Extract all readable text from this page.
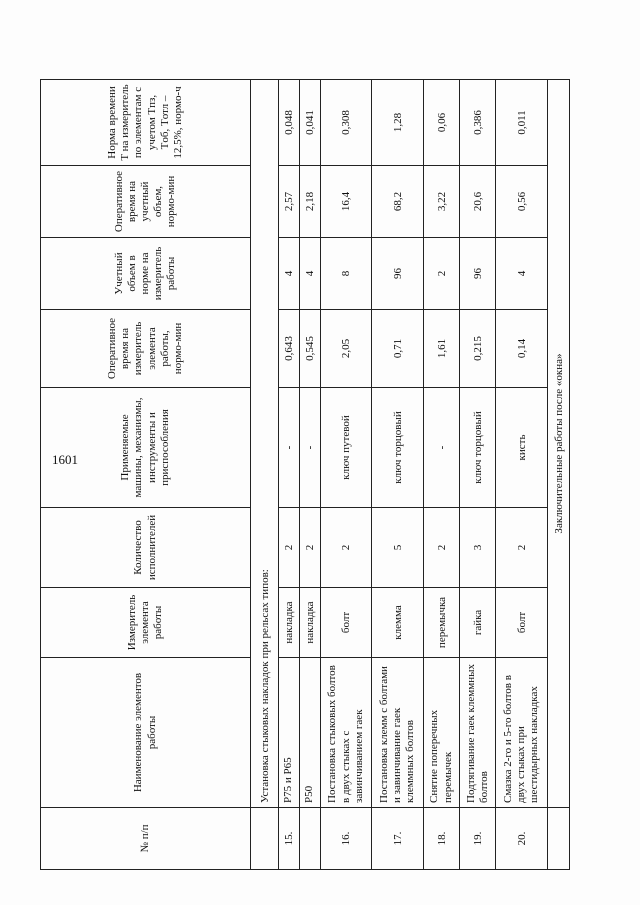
1601
№ п/п	Наименование элементов работы	Измеритель элемента работы	Количество исполнителей	Применяемые машины, механизмы, инструменты и приспособления	Оперативное время на измеритель элемента работы, нормо-мин	Учетный объем в норме на измеритель работы	Оперативное время на учетный объем, нормо-мин	Норма времени T на измеритель по элементам с учетом Tпз, Tоб, Tотл – 12,5%, нормо-ч
	Установка стыковых накладок при рельсах типов:							
15.	Р75 и Р65	накладка	2	-	0,643	4	2,57	0,048
	Р50	накладка	2	-	0,545	4	2,18	0,041
16.	Постановка стыковых болтов в двух стыках с завинчиванием гаек	болт	2	ключ путевой	2,05	8	16,4	0,308
17.	Постановка клемм с болтами и завинчивание гаек клеммных болтов	клемма	5	ключ торцовый	0,71	96	68,2	1,28
18.	Снятие поперечных перемычек	перемычка	2	-	1,61	2	3,22	0,06
19.	Подтягивание гаек клеммных болтов	гайка	3	ключ торцовый	0,215	96	20,6	0,386
20.	Смазка 2-го и 5-го болтов в двух стыках при шестидырных накладках	болт	2	кисть	0,14	4	0,56	0,011
	Заключительные работы после «окна»							
